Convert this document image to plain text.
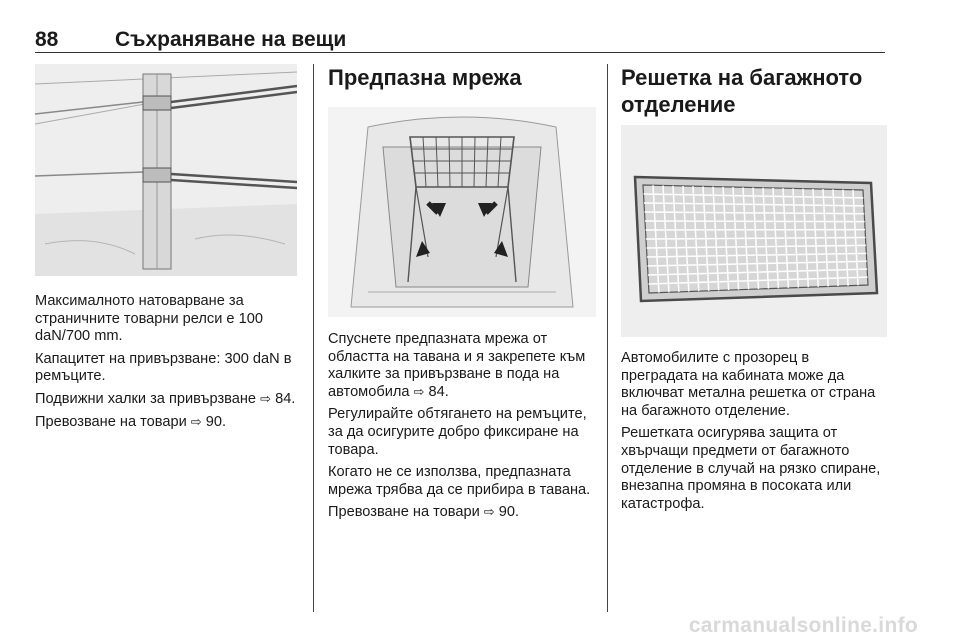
88	Съхраняване на вещи

Максималното натоварване за страничните товарни релси е 100 daN/700 mm.

Капацитет на привързване: 300 daN в ремъците.

Подвижни халки за привързване ⇨ 84.

Превозване на товари ⇨ 90.

Предпазна мрежа

Спуснете предпазната мрежа от областта на тавана и я закрепете към халките за привързване в пода на автомобила ⇨ 84.

Регулирайте обтягането на ремъците, за да осигурите добро фиксиране на товара.

Когато не се използва, предпазната мрежа трябва да се прибира в тавана.

Превозване на товари ⇨ 90.

Решетка на багажното отделение

Автомобилите с прозорец в преградата на кабината може да включват метална решетка от страна на багажното отделение.

Решетката осигурява защита от хвърчащи предмети от багажното отделение в случай на рязко спиране, внезапна промяна в посоката или катастрофа.

carmanualsonline.info
